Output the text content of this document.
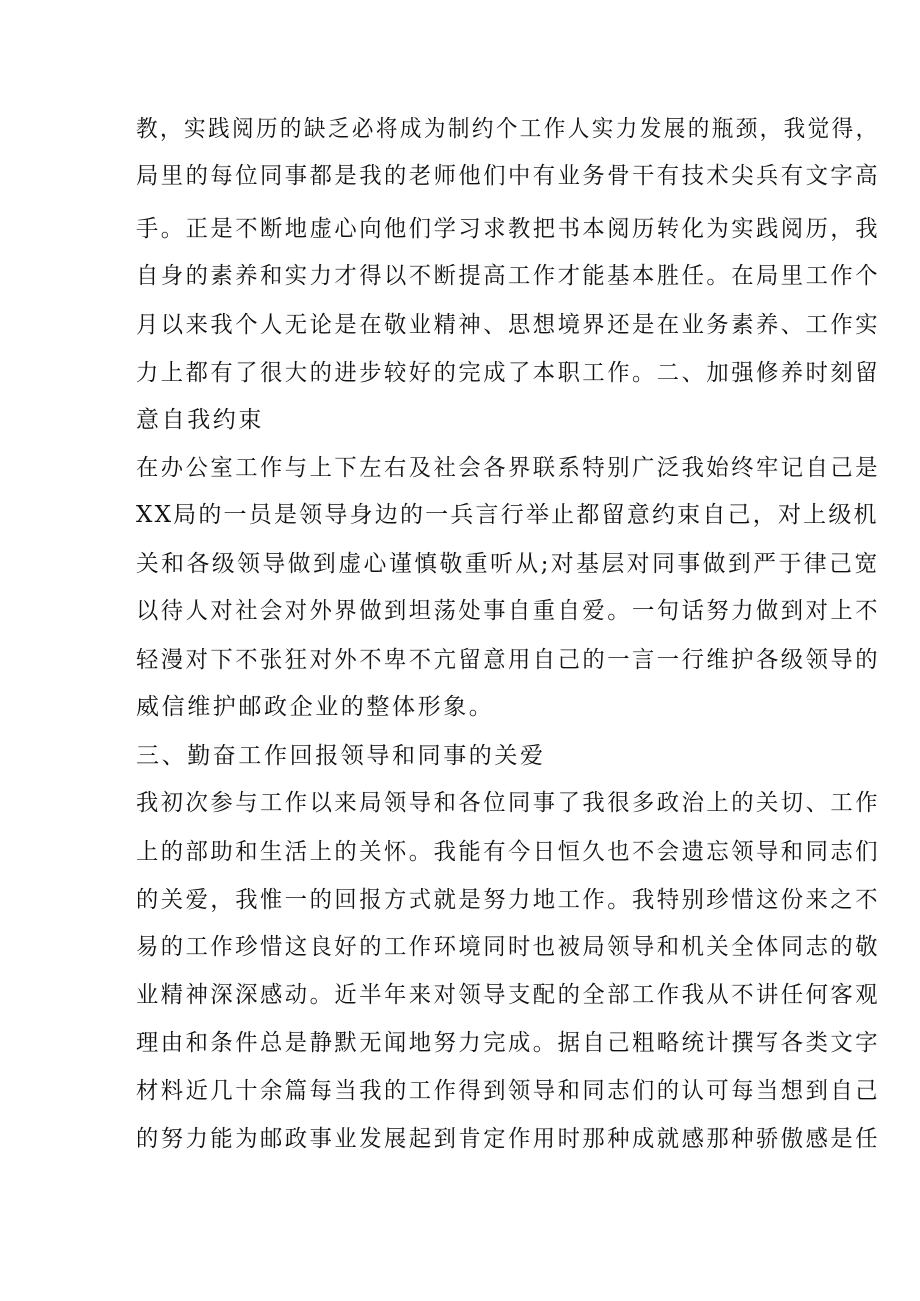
教，实践阅历的缺乏必将成为制约个工作人实力发展的瓶颈，我觉得，
局里的每位同事都是我的老师他们中有业务骨干有技术尖兵有文字高
手。正是不断地虚心向他们学习求教把书本阅历转化为实践阅历，我
自身的素养和实力才得以不断提高工作才能基本胜任。在局里工作个
月以来我个人无论是在敬业精神、思想境界还是在业务素养、工作实
力上都有了很大的进步较好的完成了本职工作。二、加强修养时刻留
意自我约束
在办公室工作与上下左右及社会各界联系特别广泛我始终牢记自己是
XX局的一员是领导身边的一兵言行举止都留意约束自己，对上级机
关和各级领导做到虚心谨慎敬重听从;对基层对同事做到严于律己宽
以待人对社会对外界做到坦荡处事自重自爱。一句话努力做到对上不
轻漫对下不张狂对外不卑不亢留意用自己的一言一行维护各级领导的
威信维护邮政企业的整体形象。
三、勤奋工作回报领导和同事的关爱
我初次参与工作以来局领导和各位同事了我很多政治上的关切、工作
上的部助和生活上的关怀。我能有今日恒久也不会遗忘领导和同志们
的关爱，我惟一的回报方式就是努力地工作。我特别珍惜这份来之不
易的工作珍惜这良好的工作环境同时也被局领导和机关全体同志的敬
业精神深深感动。近半年来对领导支配的全部工作我从不讲任何客观
理由和条件总是静默无闻地努力完成。据自己粗略统计撰写各类文字
材料近几十余篇每当我的工作得到领导和同志们的认可每当想到自己
的努力能为邮政事业发展起到肯定作用时那种成就感那种骄傲感是任
